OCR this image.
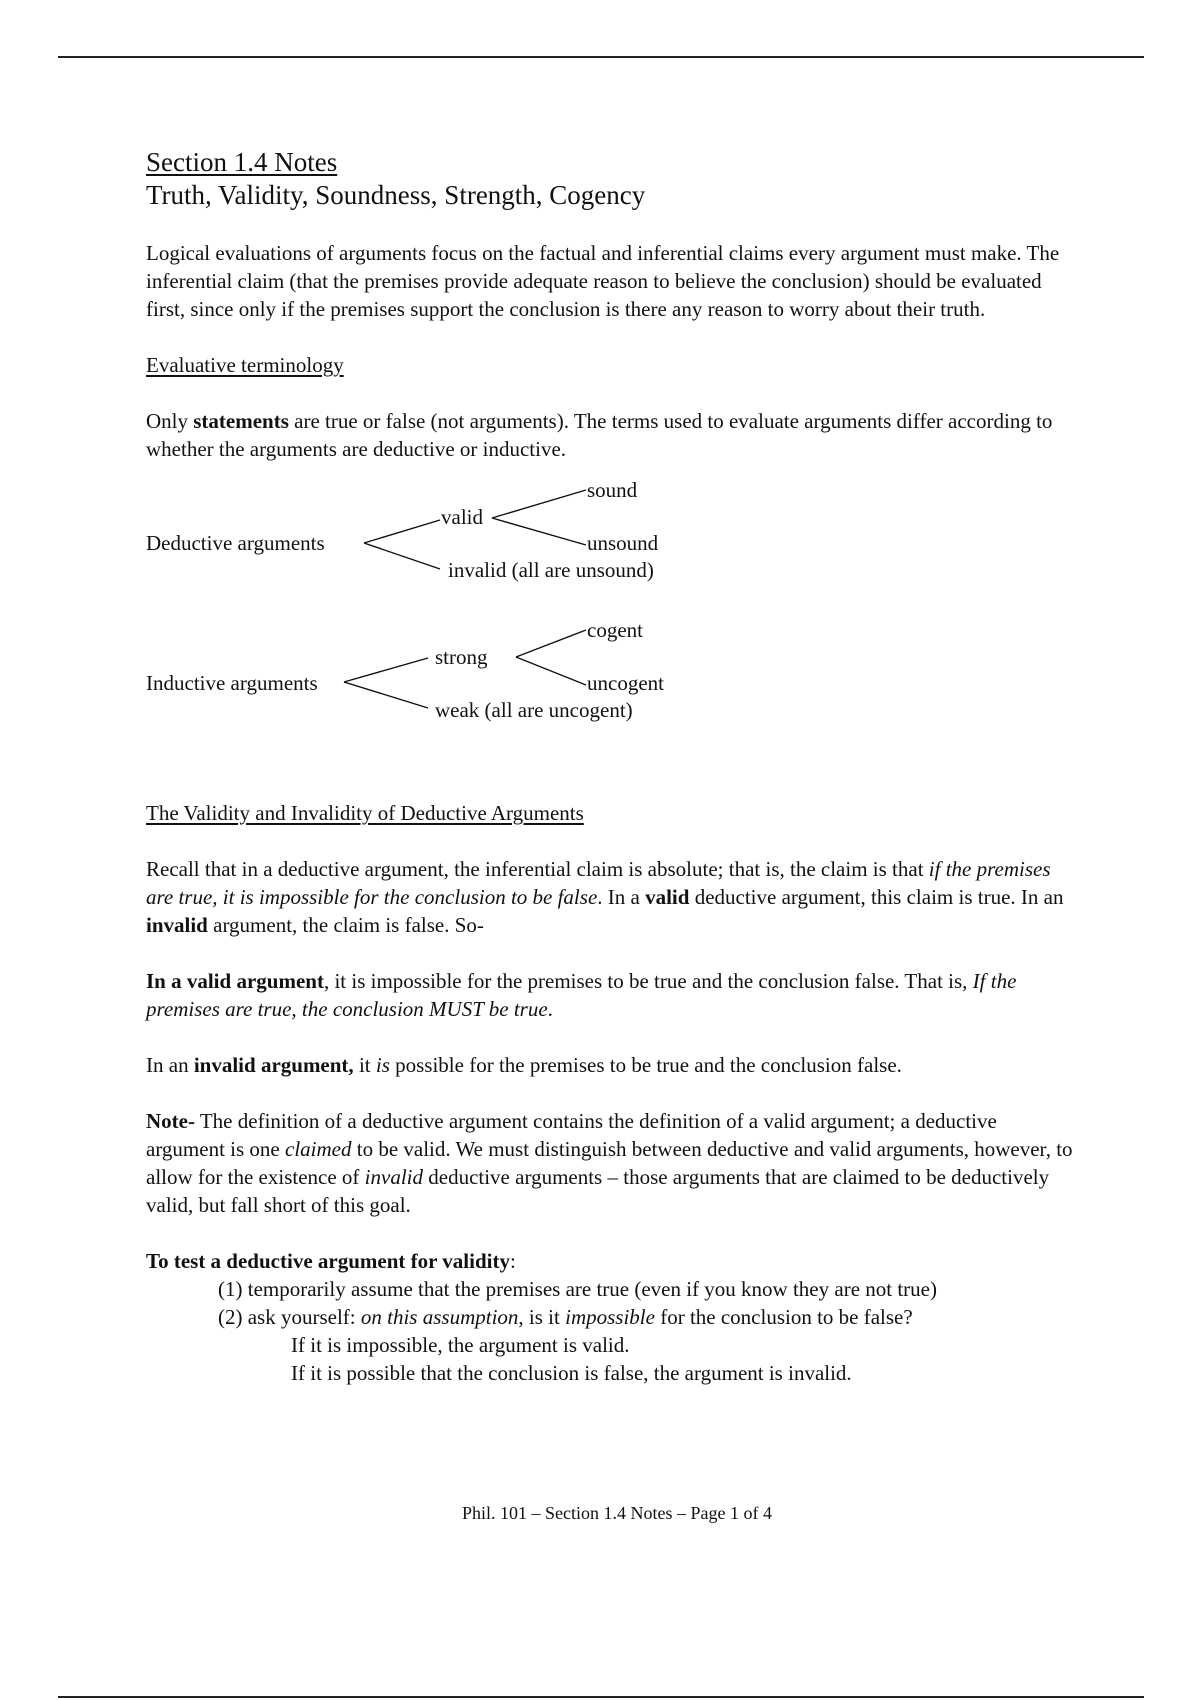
Section 1.4 Notes
Truth, Validity, Soundness, Strength, Cogency

Logical evaluations of arguments focus on the factual and inferential claims every argument must make. The inferential claim (that the premises provide adequate reason to believe the conclusion) should be evaluated first, since only if the premises support the conclusion is there any reason to worry about their truth.

Evaluative terminology

Only statements are true or false (not arguments). The terms used to evaluate arguments differ according to whether the arguments are deductive or inductive.

Deductive arguments
valid
invalid (all are unsound)
sound
unsound
Inductive arguments
strong
weak (all are uncogent)
cogent
uncogent

The Validity and Invalidity of Deductive Arguments

Recall that in a deductive argument, the inferential claim is absolute; that is, the claim is that if the premises are true, it is impossible for the conclusion to be false. In a valid deductive argument, this claim is true. In an invalid argument, the claim is false. So-

In a valid argument, it is impossible for the premises to be true and the conclusion false. That is, If the premises are true, the conclusion MUST be true.

In an invalid argument, it is possible for the premises to be true and the conclusion false.

Note- The definition of a deductive argument contains the definition of a valid argument; a deductive argument is one claimed to be valid. We must distinguish between deductive and valid arguments, however, to allow for the existence of invalid deductive arguments – those arguments that are claimed to be deductively valid, but fall short of this goal.

To test a deductive argument for validity:

(1) temporarily assume that the premises are true (even if you know they are not true)

(2) ask yourself: on this assumption, is it impossible for the conclusion to be false?

If it is impossible, the argument is valid.

If it is possible that the conclusion is false, the argument is invalid.

Phil. 101 – Section 1.4 Notes – Page 1 of 4
